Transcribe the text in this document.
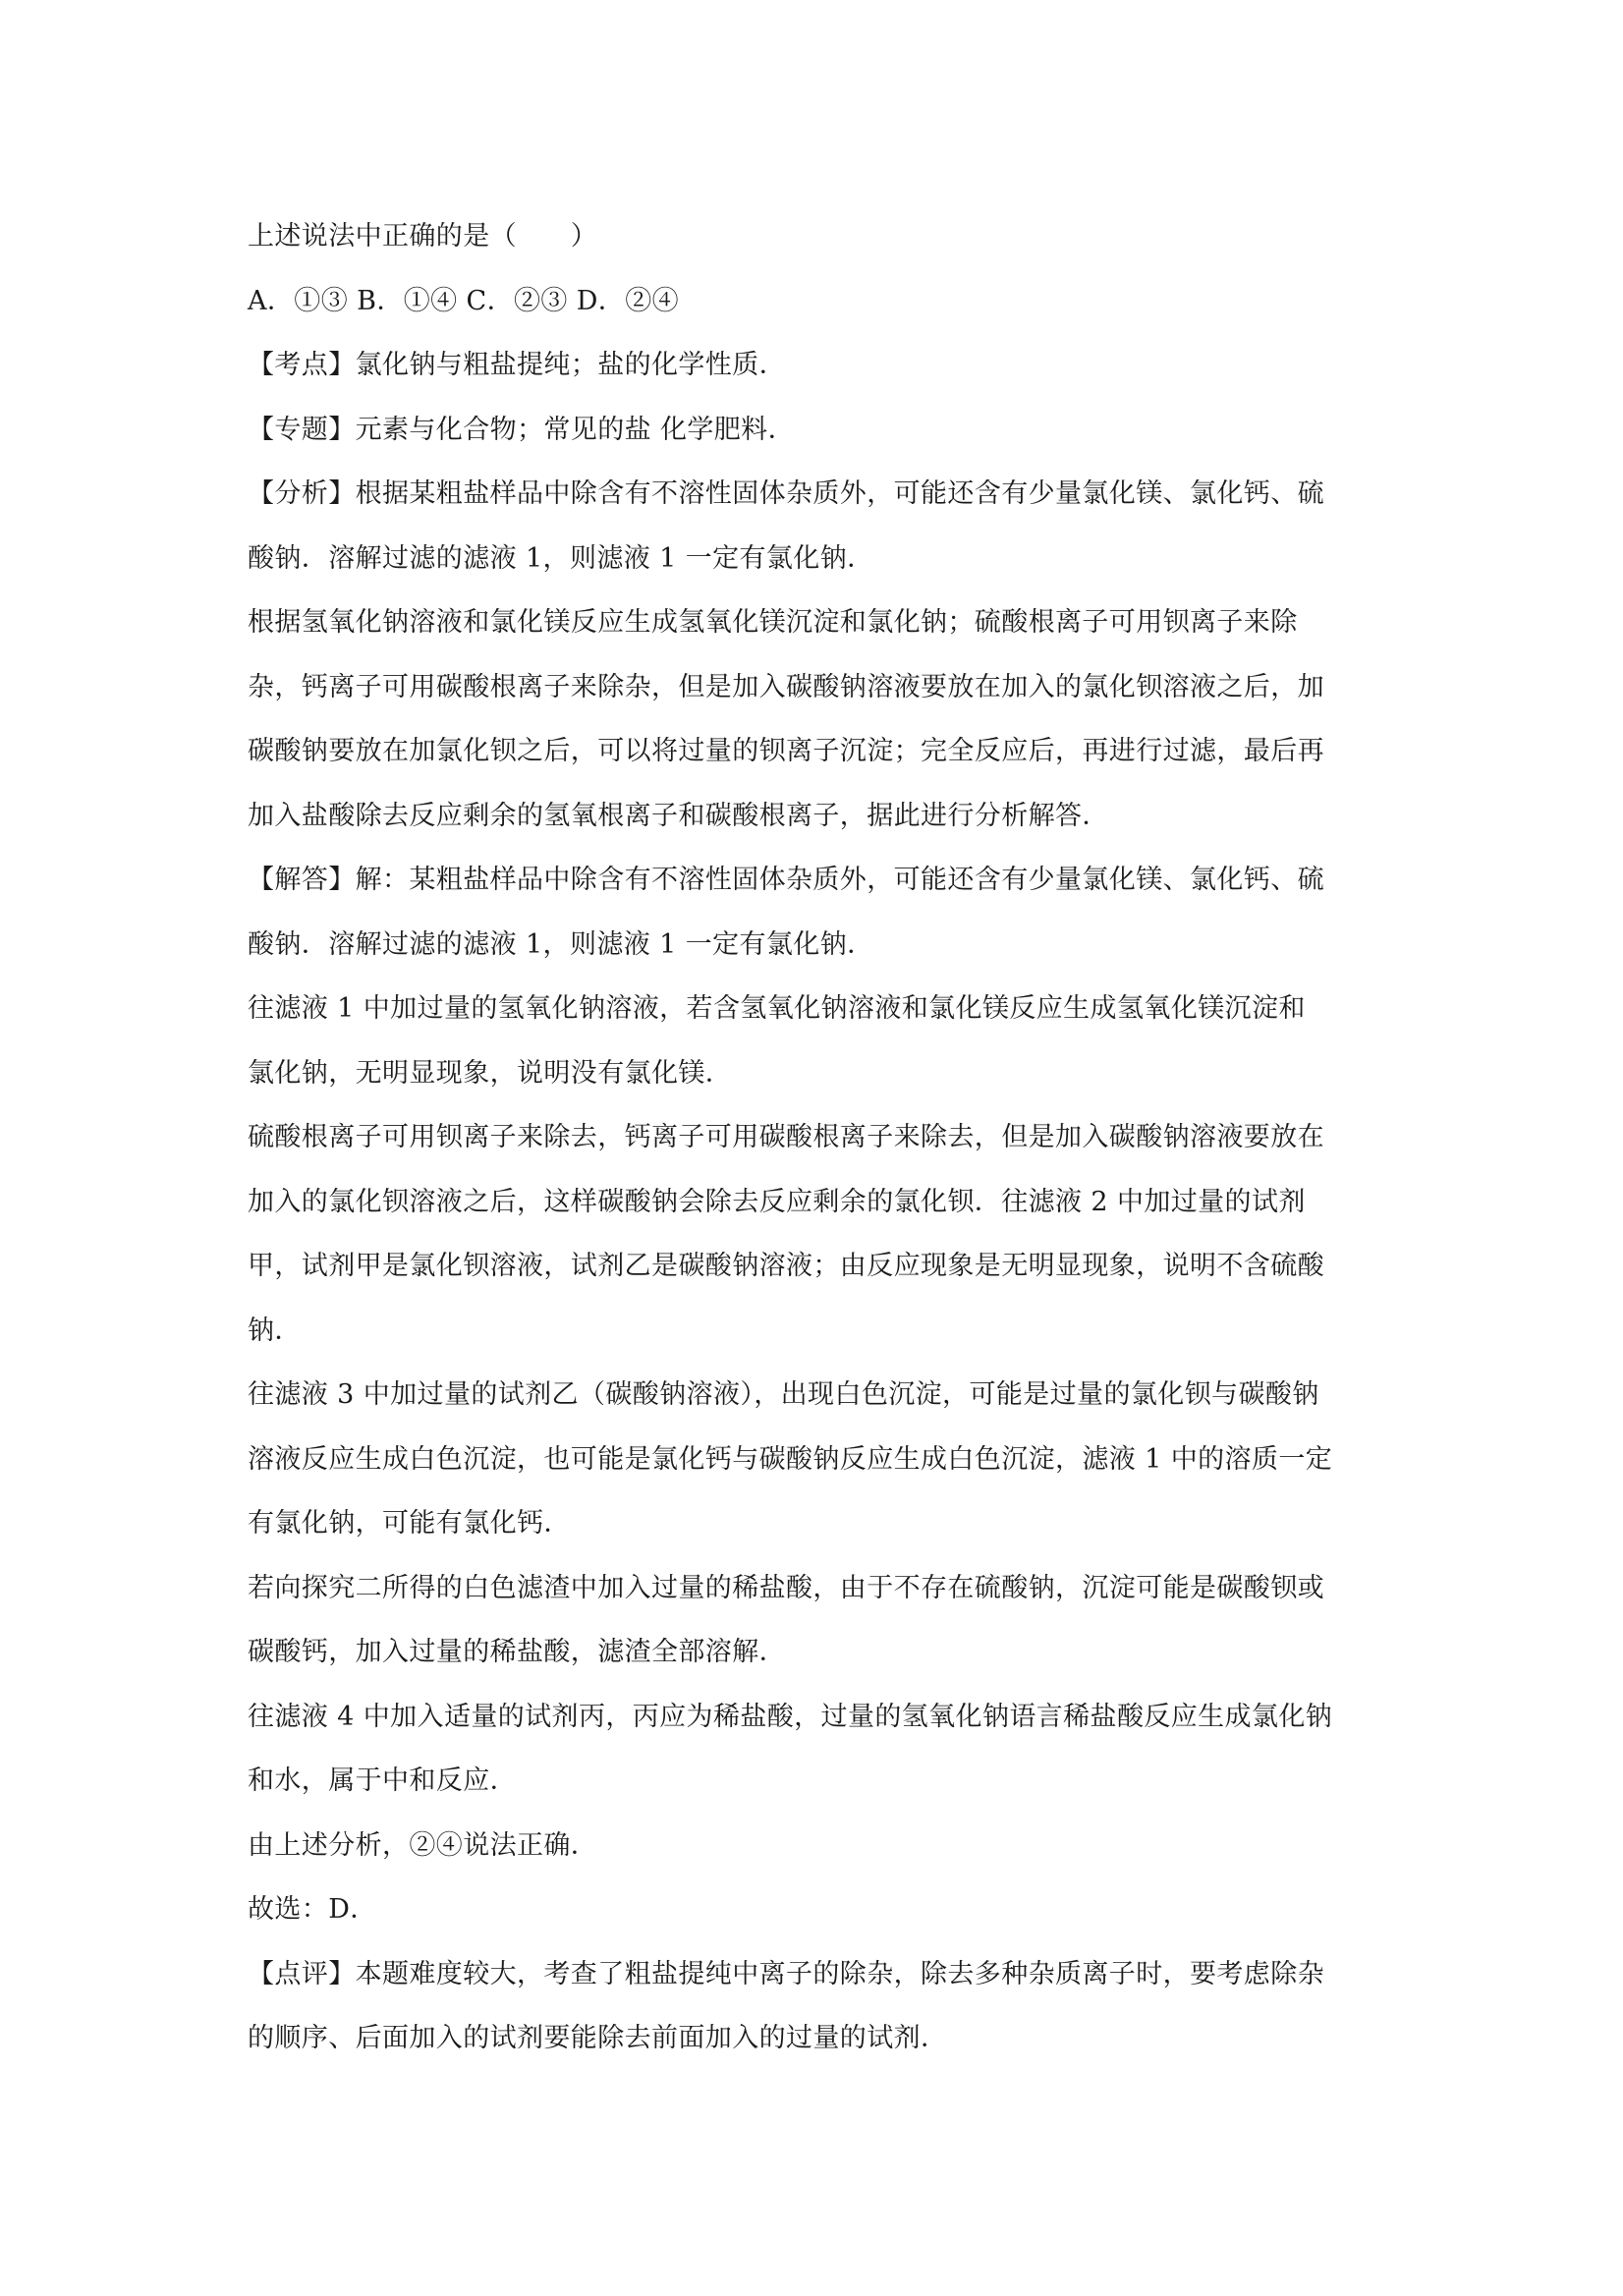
上述说法中正确的是（　　）
A．①③ B．①④ C．②③ D．②④
【考点】氯化钠与粗盐提纯；盐的化学性质．
【专题】元素与化合物；常见的盐 化学肥料．
【分析】根据某粗盐样品中除含有不溶性固体杂质外，可能还含有少量氯化镁、氯化钙、硫
酸钠．溶解过滤的滤液 1，则滤液 1 一定有氯化钠．
根据氢氧化钠溶液和氯化镁反应生成氢氧化镁沉淀和氯化钠；硫酸根离子可用钡离子来除
杂，钙离子可用碳酸根离子来除杂，但是加入碳酸钠溶液要放在加入的氯化钡溶液之后，加
碳酸钠要放在加氯化钡之后，可以将过量的钡离子沉淀；完全反应后，再进行过滤，最后再
加入盐酸除去反应剩余的氢氧根离子和碳酸根离子，据此进行分析解答．
【解答】解：某粗盐样品中除含有不溶性固体杂质外，可能还含有少量氯化镁、氯化钙、硫
酸钠．溶解过滤的滤液 1，则滤液 1 一定有氯化钠．
往滤液 1 中加过量的氢氧化钠溶液，若含氢氧化钠溶液和氯化镁反应生成氢氧化镁沉淀和
氯化钠，无明显现象，说明没有氯化镁．
硫酸根离子可用钡离子来除去，钙离子可用碳酸根离子来除去，但是加入碳酸钠溶液要放在
加入的氯化钡溶液之后，这样碳酸钠会除去反应剩余的氯化钡．往滤液 2 中加过量的试剂
甲，试剂甲是氯化钡溶液，试剂乙是碳酸钠溶液；由反应现象是无明显现象，说明不含硫酸
钠．
往滤液 3 中加过量的试剂乙（碳酸钠溶液），出现白色沉淀，可能是过量的氯化钡与碳酸钠
溶液反应生成白色沉淀，也可能是氯化钙与碳酸钠反应生成白色沉淀，滤液 1 中的溶质一定
有氯化钠，可能有氯化钙．
若向探究二所得的白色滤渣中加入过量的稀盐酸，由于不存在硫酸钠，沉淀可能是碳酸钡或
碳酸钙，加入过量的稀盐酸，滤渣全部溶解．
往滤液 4 中加入适量的试剂丙，丙应为稀盐酸，过量的氢氧化钠语言稀盐酸反应生成氯化钠
和水，属于中和反应．
由上述分析，②④说法正确．
故选：D．
【点评】本题难度较大，考查了粗盐提纯中离子的除杂，除去多种杂质离子时，要考虑除杂
的顺序、后面加入的试剂要能除去前面加入的过量的试剂．
